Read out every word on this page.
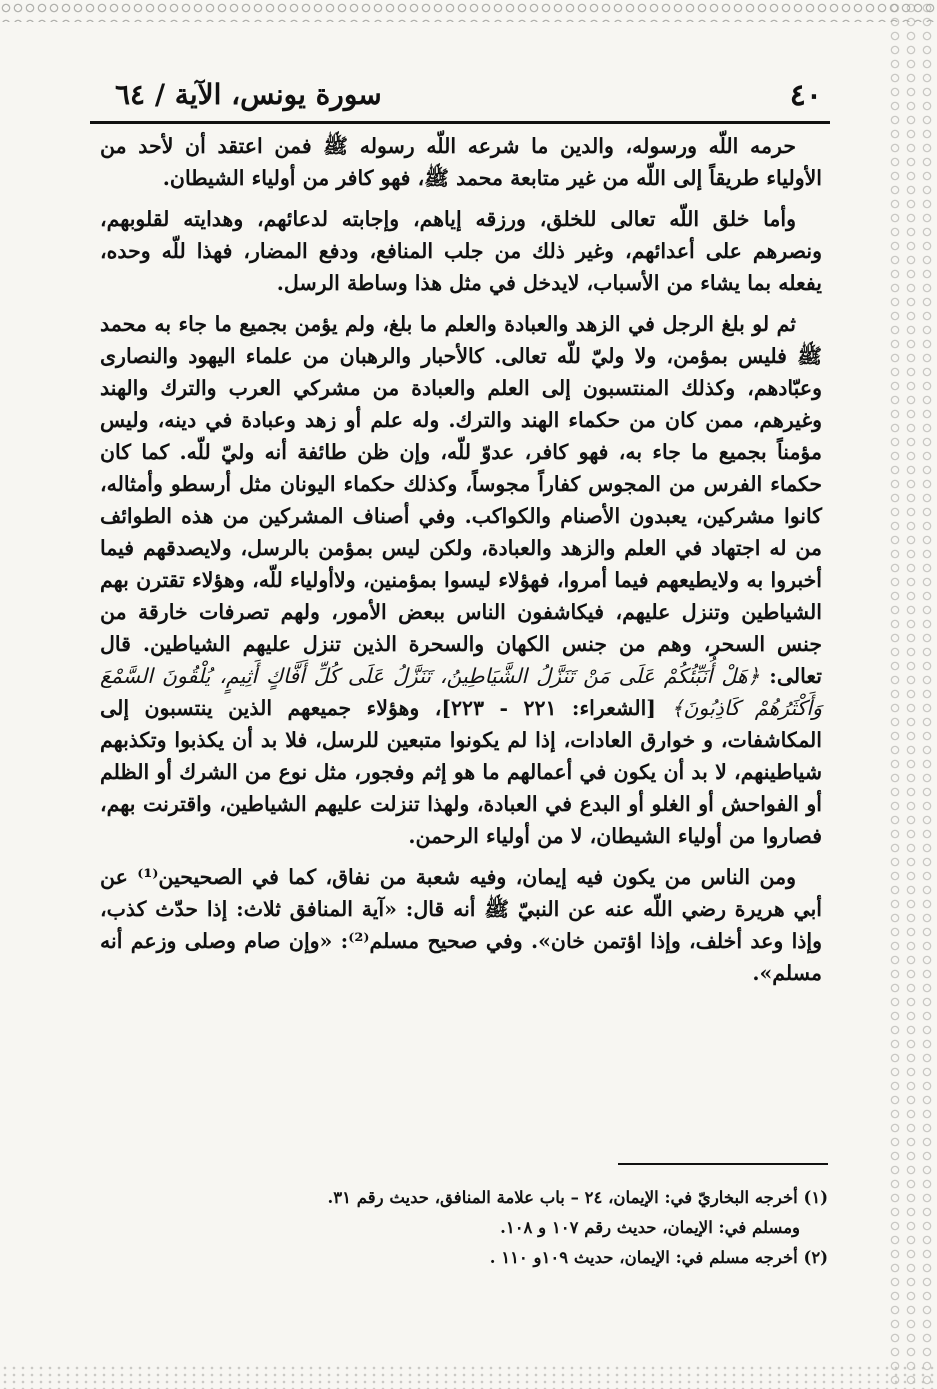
٤٠
سورة يونس، الآية / ٦٤

حرمه اللّه ورسوله، والدين ما شرعه اللّه رسوله ﷺ فمن اعتقد أن لأحد من الأولياء طريقاً إلى اللّه من غير متابعة محمد ﷺ، فهو كافر من أولياء الشيطان.

وأما خلق اللّه تعالى للخلق، ورزقه إياهم، وإجابته لدعائهم، وهدايته لقلوبهم، ونصرهم على أعدائهم، وغير ذلك من جلب المنافع، ودفع المضار، فهذا للّه وحده، يفعله بما يشاء من الأسباب، لايدخل في مثل هذا وساطة الرسل.

ثم لو بلغ الرجل في الزهد والعبادة والعلم ما بلغ، ولم يؤمن بجميع ما جاء به محمد ﷺ فليس بمؤمن، ولا وليّ للّه تعالى. كالأحبار والرهبان من علماء اليهود والنصارى وعبّادهم، وكذلك المنتسبون إلى العلم والعبادة من مشركي العرب والترك والهند وغيرهم، ممن كان من حكماء الهند والترك. وله علم أو زهد وعبادة في دينه، وليس مؤمناً بجميع ما جاء به، فهو كافر، عدوّ للّه، وإن ظن طائفة أنه وليّ للّه. كما كان حكماء الفرس من المجوس كفاراً مجوساً، وكذلك حكماء اليونان مثل أرسطو وأمثاله، كانوا مشركين، يعبدون الأصنام والكواكب. وفي أصناف المشركين من هذه الطوائف من له اجتهاد في العلم والزهد والعبادة، ولكن ليس بمؤمن بالرسل، ولايصدقهم فيما أخبروا به ولايطيعهم فيما أمروا، فهؤلاء ليسوا بمؤمنين، ولاأولياء للّه، وهؤلاء تقترن بهم الشياطين وتنزل عليهم، فيكاشفون الناس ببعض الأمور، ولهم تصرفات خارقة من جنس السحر، وهم من جنس الكهان والسحرة الذين تنزل عليهم الشياطين. قال تعالى: ﴿هَلْ أُنَبِّئُكُمْ عَلَى مَنْ تَنَزَّلُ الشَّيَاطِينُ، تَنَزَّلُ عَلَى كُلِّ أَفَّاكٍ أَثِيمٍ، يُلْقُونَ السَّمْعَ وَأَكْثَرُهُمْ كَاذِبُونَ﴾ [الشعراء: ٢٢١ - ٢٢٣]، وهؤلاء جميعهم الذين ينتسبون إلى المكاشفات، و خوارق العادات، إذا لم يكونوا متبعين للرسل، فلا بد أن يكذبوا وتكذبهم شياطينهم، لا بد أن يكون في أعمالهم ما هو إثم وفجور، مثل نوع من الشرك أو الظلم أو الفواحش أو الغلو أو البدع في العبادة، ولهذا تنزلت عليهم الشياطين، واقترنت بهم، فصاروا من أولياء الشيطان، لا من أولياء الرحمن.

ومن الناس من يكون فيه إيمان، وفيه شعبة من نفاق، كما في الصحيحين⁽¹⁾ عن أبي هريرة رضي اللّه عنه عن النبيّ ﷺ أنه قال: «آية المنافق ثلاث: إذا حدّث كذب، وإذا وعد أخلف، وإذا اؤتمن خان». وفي صحيح مسلم⁽²⁾: «وإن صام وصلى وزعم أنه مسلم».

(١) أخرجه البخاريّ في: الإيمان، ٢٤ – باب علامة المنافق، حديث رقم ٣١.
ومسلم في: الإيمان، حديث رقم ١٠٧ و ١٠٨.
(٢) أخرجه مسلم في: الإيمان، حديث ١٠٩و ١١٠ .
